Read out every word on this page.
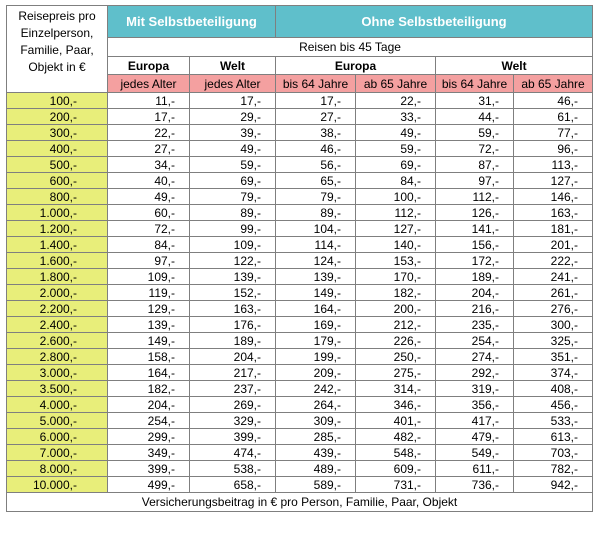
Reisepreis pro Einzelperson, Familie, Paar, Objekt in €	Mit Selbstbeteiligung		Ohne Selbstbeteiligung			
	Reisen bis 45 Tage					
	Europa	Welt	Europa		Welt	
	jedes Alter	jedes Alter	bis 64 Jahre	ab 65 Jahre	bis 64 Jahre	ab 65 Jahre
100,-	11,-	17,-	17,-	22,-	31,-	46,-
200,-	17,-	29,-	27,-	33,-	44,-	61,-
300,-	22,-	39,-	38,-	49,-	59,-	77,-
400,-	27,-	49,-	46,-	59,-	72,-	96,-
500,-	34,-	59,-	56,-	69,-	87,-	113,-
600,-	40,-	69,-	65,-	84,-	97,-	127,-
800,-	49,-	79,-	79,-	100,-	112,-	146,-
1.000,-	60,-	89,-	89,-	112,-	126,-	163,-
1.200,-	72,-	99,-	104,-	127,-	141,-	181,-
1.400,-	84,-	109,-	114,-	140,-	156,-	201,-
1.600,-	97,-	122,-	124,-	153,-	172,-	222,-
1.800,-	109,-	139,-	139,-	170,-	189,-	241,-
2.000,-	119,-	152,-	149,-	182,-	204,-	261,-
2.200,-	129,-	163,-	164,-	200,-	216,-	276,-
2.400,-	139,-	176,-	169,-	212,-	235,-	300,-
2.600,-	149,-	189,-	179,-	226,-	254,-	325,-
2.800,-	158,-	204,-	199,-	250,-	274,-	351,-
3.000,-	164,-	217,-	209,-	275,-	292,-	374,-
3.500,-	182,-	237,-	242,-	314,-	319,-	408,-
4.000,-	204,-	269,-	264,-	346,-	356,-	456,-
5.000,-	254,-	329,-	309,-	401,-	417,-	533,-
6.000,-	299,-	399,-	285,-	482,-	479,-	613,-
7.000,-	349,-	474,-	439,-	548,-	549,-	703,-
8.000,-	399,-	538,-	489,-	609,-	611,-	782,-
10.000,-	499,-	658,-	589,-	731,-	736,-	942,-
Versicherungsbeitrag in € pro Person, Familie, Paar, Objekt						
